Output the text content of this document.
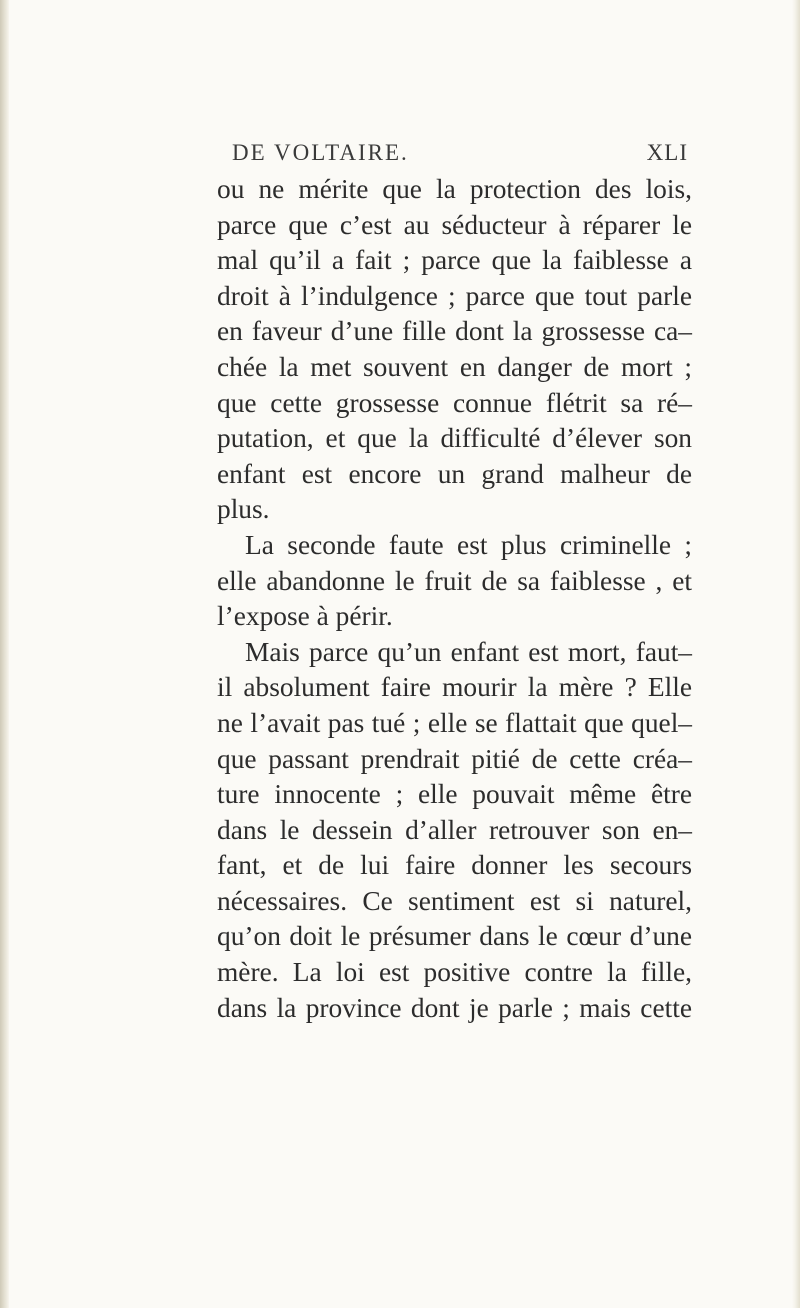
DE VOLTAIRE.	XLI
ou ne mérite que la protection des lois,
parce que c’est au séducteur à réparer le
mal qu’il a fait ; parce que la faiblesse a
droit à l’indulgence ; parce que tout parle
en faveur d’une fille dont la grossesse ca–
chée la met souvent en danger de mort ;
que cette grossesse connue flétrit sa ré–
putation, et que la difficulté d’élever son
enfant est encore un grand malheur de
plus.
La seconde faute est plus criminelle ;
elle abandonne le fruit de sa faiblesse , et
l’expose à périr.
Mais parce qu’un enfant est mort, faut–
il absolument faire mourir la mère ? Elle
ne l’avait pas tué ; elle se flattait que quel–
que passant prendrait pitié de cette créa–
ture innocente ; elle pouvait même être
dans le dessein d’aller retrouver son en–
fant, et de lui faire donner les secours
nécessaires. Ce sentiment est si naturel,
qu’on doit le présumer dans le cœur d’une
mère. La loi est positive contre la fille,
dans la province dont je parle ; mais cette
